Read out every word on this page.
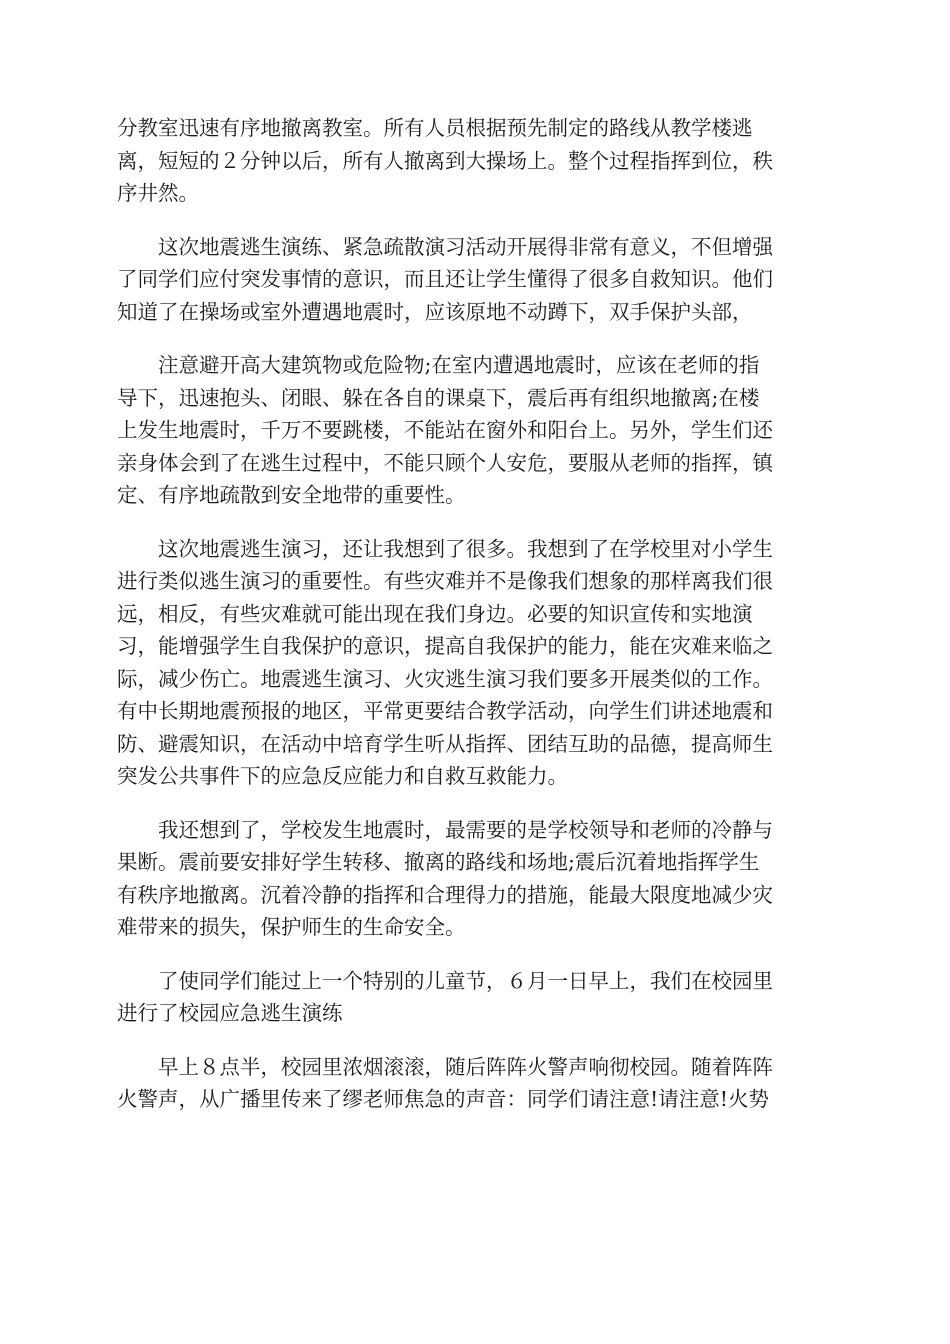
分教室迅速有序地撤离教室。所有人员根据预先制定的路线从教学楼逃
离，短短的２分钟以后，所有人撤离到大操场上。整个过程指挥到位，秩
序井然。
　　这次地震逃生演练、紧急疏散演习活动开展得非常有意义，不但增强
了同学们应付突发事情的意识，而且还让学生懂得了很多自救知识。他们
知道了在操场或室外遭遇地震时，应该原地不动蹲下，双手保护头部，
　　注意避开高大建筑物或危险物;在室内遭遇地震时，应该在老师的指
导下，迅速抱头、闭眼、躲在各自的课桌下，震后再有组织地撤离;在楼
上发生地震时，千万不要跳楼，不能站在窗外和阳台上。另外，学生们还
亲身体会到了在逃生过程中，不能只顾个人安危，要服从老师的指挥，镇
定、有序地疏散到安全地带的重要性。
　　这次地震逃生演习，还让我想到了很多。我想到了在学校里对小学生
进行类似逃生演习的重要性。有些灾难并不是像我们想象的那样离我们很
远，相反，有些灾难就可能出现在我们身边。必要的知识宣传和实地演
习，能增强学生自我保护的意识，提高自我保护的能力，能在灾难来临之
际，减少伤亡。地震逃生演习、火灾逃生演习我们要多开展类似的工作。
有中长期地震预报的地区，平常更要结合教学活动，向学生们讲述地震和
防、避震知识，在活动中培育学生听从指挥、团结互助的品德，提高师生
突发公共事件下的应急反应能力和自救互救能力。
　　我还想到了，学校发生地震时，最需要的是学校领导和老师的冷静与
果断。震前要安排好学生转移、撤离的路线和场地;震后沉着地指挥学生
有秩序地撤离。沉着冷静的指挥和合理得力的措施，能最大限度地减少灾
难带来的损失，保护师生的生命安全。
　　了使同学们能过上一个特别的儿童节，６月一日早上，我们在校园里
进行了校园应急逃生演练
　　早上８点半，校园里浓烟滚滚，随后阵阵火警声响彻校园。随着阵阵
火警声，从广播里传来了缪老师焦急的声音：同学们请注意!请注意!火势
